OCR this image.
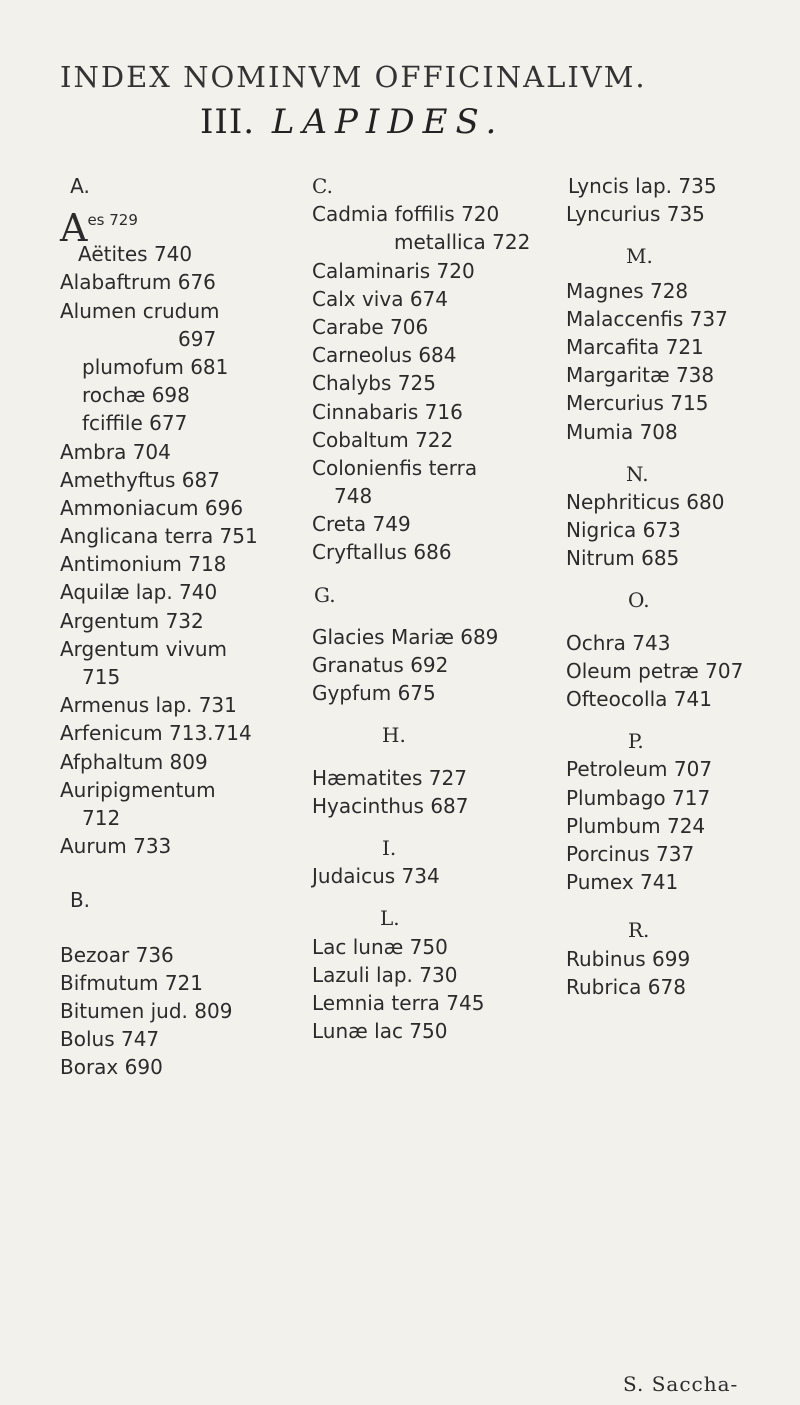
INDEX NOMINVM OFFICINALIVM.
III. LAPIDES.
A.
$A^{es 729}$
Aëtites 740
Alabaftrum 676
Alumen crudum
697
plumofum 681
rochæ 698
fciffile 677
Ambra 704
Amethyftus 687
Ammoniacum 696
Anglicana terra 751
Antimonium 718
Aquilæ lap. 740
Argentum 732
Argentum vivum
715
Armenus lap. 731
Arfenicum 713.714
Afphaltum 809
Auripigmentum
712
Aurum 733
B.
Bezoar 736
Bifmutum 721
Bitumen jud. 809
Bolus 747
Borax 690
C.
Cadmia foffilis 720
metallica 722
Calaminaris 720
Calx viva 674
Carabe 706
Carneolus 684
Chalybs 725
Cinnabaris 716
Cobaltum 722
Colonienfis terra
748
Creta 749
Cryftallus 686
G.
Glacies Mariæ 689
Granatus 692
Gypfum 675
H.
Hæmatites 727
Hyacinthus 687
I.
Judaicus 734
L.
Lac lunæ 750
Lazuli lap. 730
Lemnia terra 745
Lunæ lac 750
Lyncis lap. 735
Lyncurius 735
M.
Magnes 728
Malaccenfis 737
Marcafita 721
Margaritæ 738
Mercurius 715
Mumia 708
N.
Nephriticus 680
Nigrica 673
Nitrum 685
O.
Ochra 743
Oleum petræ 707
Ofteocolla 741
P.
Petroleum 707
Plumbago 717
Plumbum 724
Porcinus 737
Pumex 741
R.
Rubinus 699
Rubrica 678
S. Saccha-
